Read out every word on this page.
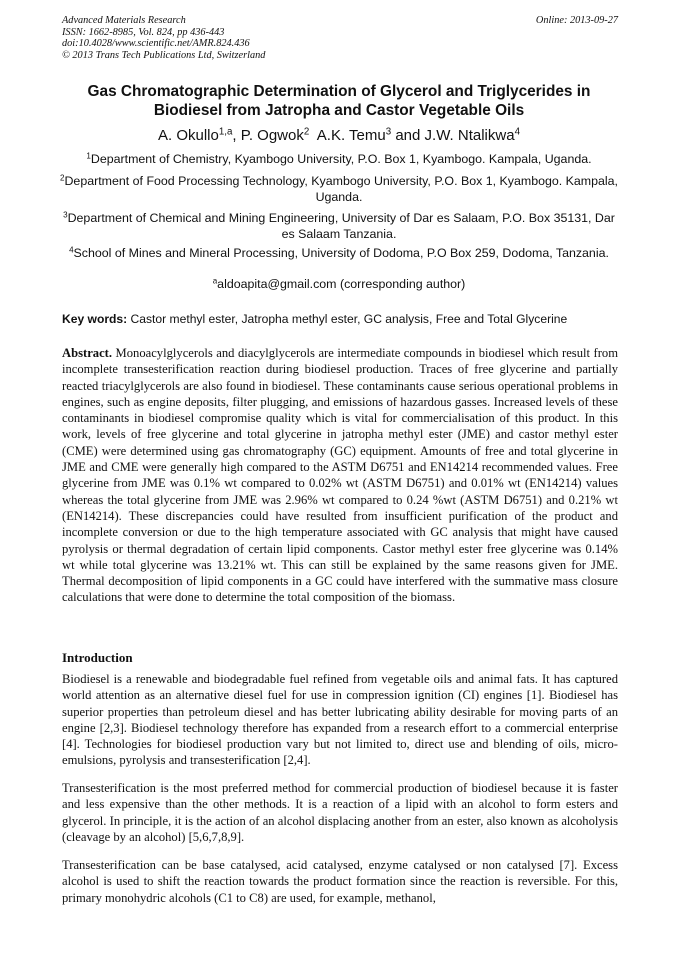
Advanced Materials Research
ISSN: 1662-8985, Vol. 824, pp 436-443
doi:10.4028/www.scientific.net/AMR.824.436
© 2013 Trans Tech Publications Ltd, Switzerland
Online: 2013-09-27
Gas Chromatographic Determination of Glycerol and Triglycerides in
Biodiesel from Jatropha and Castor Vegetable Oils
A. Okullo$^{1,a}$, P. Ogwok$^2$  A.K. Temu$^3$ and J.W. Ntalikwa$^4$
$^1$Department of Chemistry, Kyambogo University, P.O. Box 1, Kyambogo. Kampala, Uganda.
$^2$Department of Food Processing Technology, Kyambogo University, P.O. Box 1, Kyambogo. Kampala, Uganda.
$^3$Department of Chemical and Mining Engineering, University of Dar es Salaam, P.O. Box 35131, Dar es Salaam Tanzania.
$^4$School of Mines and Mineral Processing, University of Dodoma, P.O Box 259, Dodoma, Tanzania.
$^a$aldoapita@gmail.com (corresponding author)
Key words: Castor methyl ester, Jatropha methyl ester, GC analysis, Free and Total Glycerine
Abstract. Monoacylglycerols and diacylglycerols are intermediate compounds in biodiesel which result from incomplete transesterification reaction during biodiesel production. Traces of free glycerine and partially reacted triacylglycerols are also found in biodiesel. These contaminants cause serious operational problems in engines, such as engine deposits, filter plugging, and emissions of hazardous gasses. Increased levels of these contaminants in biodiesel compromise quality which is vital for commercialisation of this product. In this work, levels of free glycerine and total glycerine in jatropha methyl ester (JME) and castor methyl ester (CME) were determined using gas chromatography (GC) equipment. Amounts of free and total glycerine in JME and CME were generally high compared to the ASTM D6751 and EN14214 recommended values. Free glycerine from JME was 0.1% wt compared to 0.02% wt (ASTM D6751) and 0.01% wt (EN14214) values whereas the total glycerine from JME was 2.96% wt compared to 0.24 %wt (ASTM D6751) and 0.21% wt (EN14214). These discrepancies could have resulted from insufficient purification of the product and incomplete conversion or due to the high temperature associated with GC analysis that might have caused pyrolysis or thermal degradation of certain lipid components. Castor methyl ester free glycerine was 0.14% wt while total glycerine was 13.21% wt. This can still be explained by the same reasons given for JME. Thermal decomposition of lipid components in a GC could have interfered with the summative mass closure calculations that were done to determine the total composition of the biomass.
Introduction
Biodiesel is a renewable and biodegradable fuel refined from vegetable oils and animal fats. It has captured world attention as an alternative diesel fuel for use in compression ignition (CI) engines [1]. Biodiesel has superior properties than petroleum diesel and has better lubricating ability desirable for moving parts of an engine [2,3]. Biodiesel technology therefore has expanded from a research effort to a commercial enterprise [4]. Technologies for biodiesel production vary but not limited to, direct use and blending of oils, micro-emulsions, pyrolysis and transesterification [2,4].
Transesterification is the most preferred method for commercial production of biodiesel because it is faster and less expensive than the other methods. It is a reaction of a lipid with an alcohol to form esters and glycerol. In principle, it is the action of an alcohol displacing another from an ester, also known as alcoholysis (cleavage by an alcohol) [5,6,7,8,9].
Transesterification can be base catalysed, acid catalysed, enzyme catalysed or non catalysed [7]. Excess alcohol is used to shift the reaction towards the product formation since the reaction is reversible. For this, primary monohydric alcohols (C1 to C8) are used, for example, methanol,
